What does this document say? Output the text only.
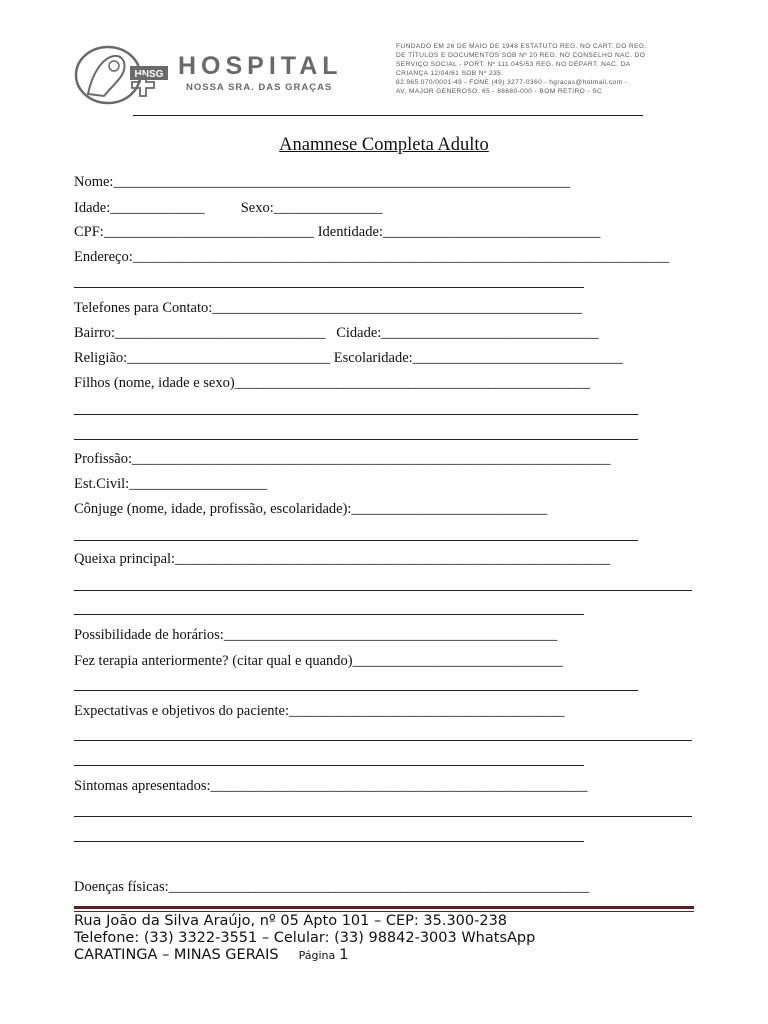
HNSG HOSPITAL
NOSSA SRA. DAS GRAÇAS
FUNDADO EM 26 DE MAIO DE 1948 ESTATUTO REG. NO CART. DO REG.
DE TÍTULOS E DOCUMENTOS SOB Nº 20 REG. NO CONSELHO NAC. DO
SERVIÇO SOCIAL - PORT. Nº 111.045/53 REG. NO DEPART. NAC. DA
CRIANÇA 12/04/61 SOB Nº 235.
82.965.070/0001-49 - FONE (49) 3277-0360 - hgracas@hotmail.com -
AV. MAJOR GENEROSO, 65 - 88680-000 - BOM RETIRO - SC
Anamnese Completa Adulto
Nome:_______________________________________________________________
Idade:_____________          Sexo:_______________
CPF:_____________________________ Identidade:______________________________
Endereço:__________________________________________________________________________
Telefones para Contato:___________________________________________________
Bairro:_____________________________   Cidade:______________________________
Religião:____________________________ Escolaridade:_____________________________
Filhos (nome, idade e sexo)_________________________________________________
Profissão:__________________________________________________________________
Est.Civil:___________________
Cônjuge (nome, idade, profissão, escolaridade):___________________________
Queixa principal:____________________________________________________________
Possibilidade de horários:______________________________________________
Fez terapia anteriormente? (citar qual e quando)_____________________________
Expectativas e objetivos do paciente:______________________________________
Sintomas apresentados:____________________________________________________
Doenças físicas:__________________________________________________________
Rua João da Silva Araújo, nº 05 Apto 101 – CEP: 35.300-238
Telefone: (33) 3322-3551 – Celular: (33) 98842-3003 WhatsApp
CARATINGA – MINAS GERAIS Página 1
